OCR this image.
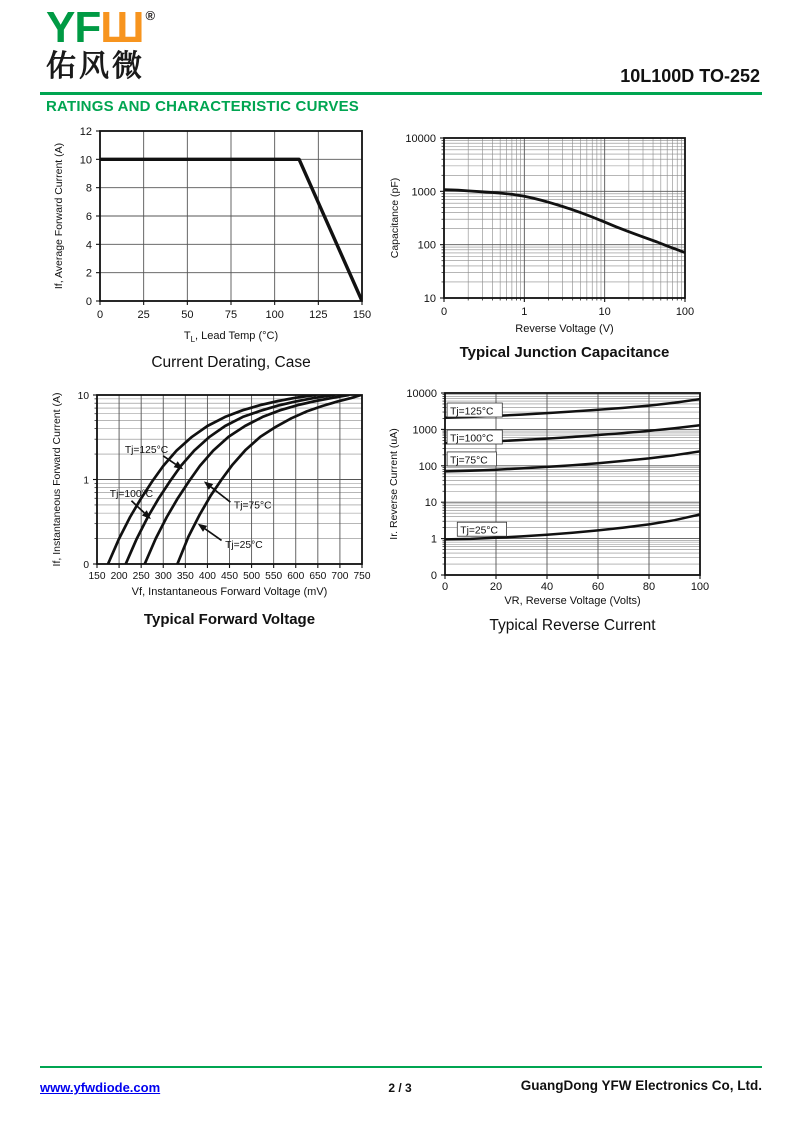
YFШ ®
佑风微	10L100D TO-252
RATINGS AND CHARACTERISTIC CURVES
0	25	50	75	100 125 150
0
2
4
6
8
10
12
$T_L$, Lead Temp (°C)
If, Average Forward Current (A)
Current Derating, Case
0	1	10	100
10
100
1000
10000
Reverse Voltage (V)
Capacitance (pF)
Typical Junction Capacitance
150 200 250 300 350 400 450 500 550 600 650 700 750
10
1
0
Tj=125°C
Tj=100°C
Tj=75°C
Tj=25°C
Vf, Instantaneous Forward Voltage (mV)
If, Instantaneous Forward Current (A)
Typical Forward Voltage
0	20	40	60	80	100
10000
1000
100
10
1
0
Tj=125°C
Tj=100°C
Tj=75°C
Tj=25°C
VR, Reverse Voltage (Volts)
Ir. Reverse Current (uA)
Typical Reverse Current
www.yfwdiode.com	2 / 3	GuangDong YFW Electronics Co, Ltd.
